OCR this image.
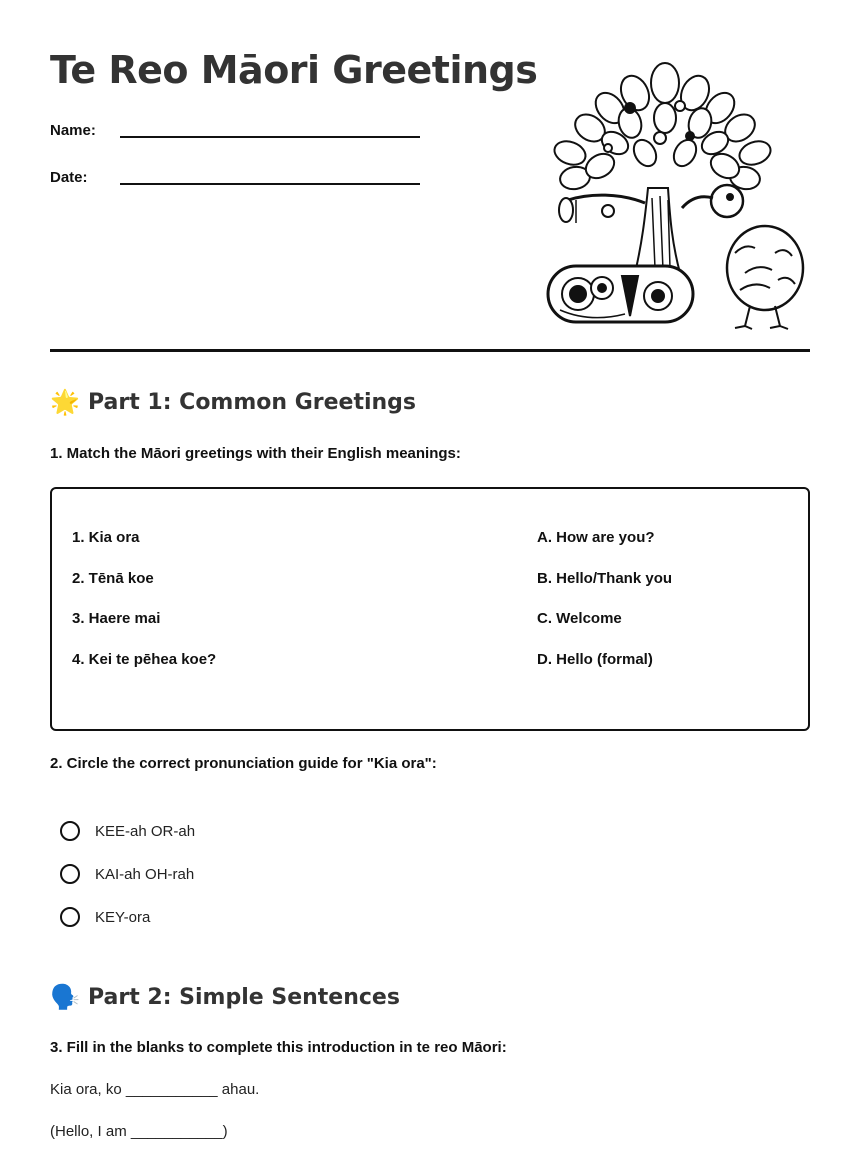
Te Reo Māori Greetings
Name:
Date:
🌟 Part 1: Common Greetings
1. Match the Māori greetings with their English meanings:
1. Kia ora
2. Tēnā koe
3. Haere mai
4. Kei te pēhea koe?
A. How are you?
B. Hello/Thank you
C. Welcome
D. Hello (formal)
2. Circle the correct pronunciation guide for "Kia ora":
KEE-ah OR-ah
KAI-ah OH-rah
KEY-ora
🗣️ Part 2: Simple Sentences
3. Fill in the blanks to complete this introduction in te reo Māori:
Kia ora, ko ___________ ahau.
(Hello, I am ___________)
